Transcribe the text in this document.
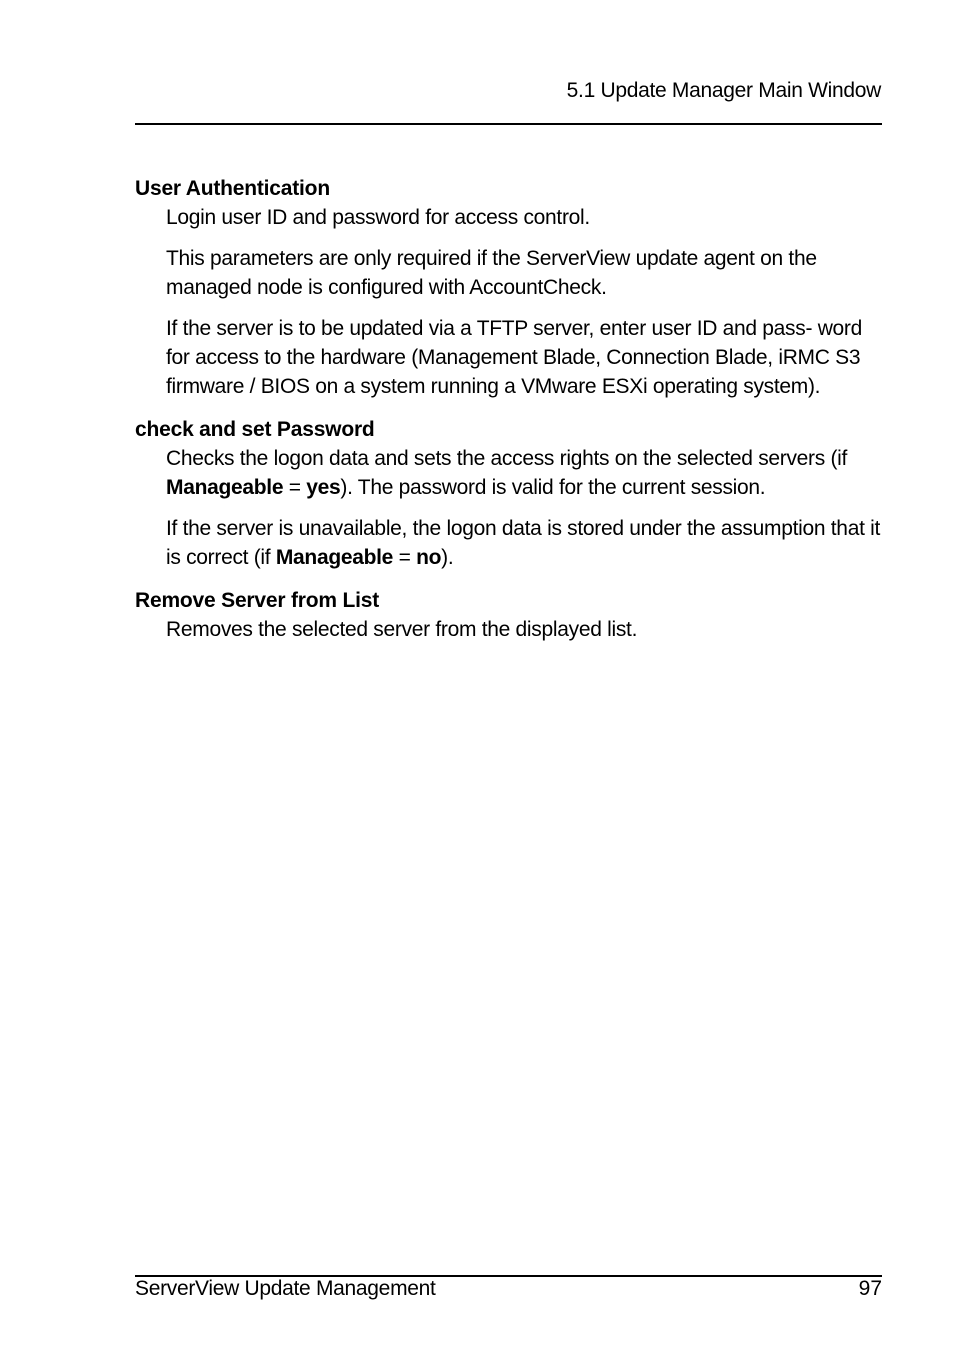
5.1 Update Manager Main Window

User Authentication

Login user ID and password for access control.

This parameters are only required if the ServerView update agent on the managed node is configured with AccountCheck.

If the server is to be updated via a TFTP server, enter user ID and pass- word for access to the hardware (Management Blade, Connection Blade, iRMC S3 firmware / BIOS on a system running a VMware ESXi operating system).

check and set Password

Checks the logon data and sets the access rights on the selected servers (if Manageable = yes). The password is valid for the current session.

If the server is unavailable, the logon data is stored under the assumption that it is correct (if Manageable = no).

Remove Server from List

Removes the selected server from the displayed list.

ServerView Update Management	97
